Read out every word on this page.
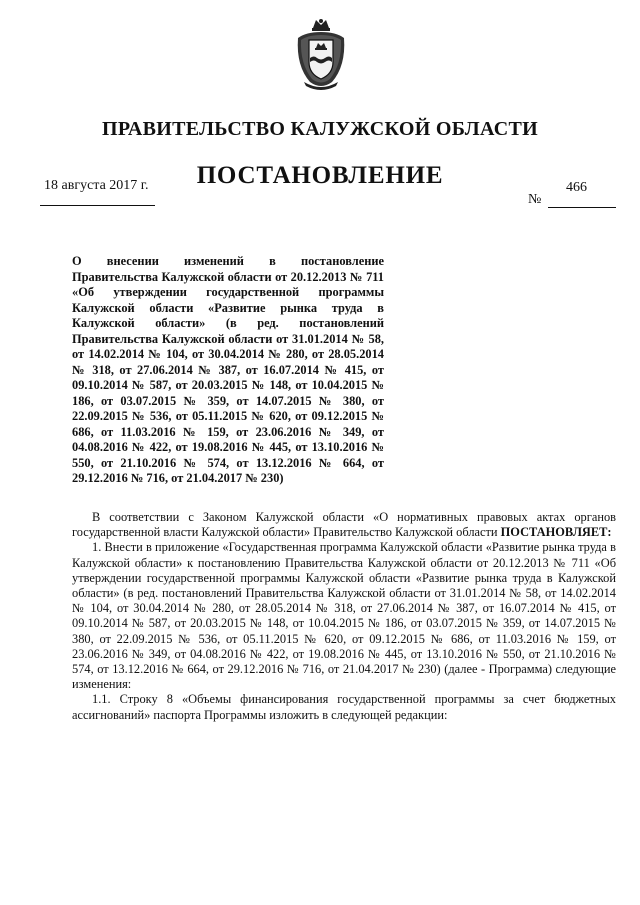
ПРАВИТЕЛЬСТВО КАЛУЖСКОЙ ОБЛАСТИ
ПОСТАНОВЛЕНИЕ
18 августа 2017 г.	466
№

О внесении изменений в постановление Правительства Калужской области от 20.12.2013 № 711 «Об утверждении государственной программы Калужской области «Развитие рынка труда в Калужской области» (в ред. постановлений Правительства Калужской области от 31.01.2014 № 58, от 14.02.2014 № 104, от 30.04.2014 № 280, от 28.05.2014 № 318, от 27.06.2014 № 387, от 16.07.2014 № 415, от 09.10.2014 № 587, от 20.03.2015 № 148, от 10.04.2015 № 186, от 03.07.2015 № 359, от 14.07.2015 № 380, от 22.09.2015 № 536, от 05.11.2015 № 620, от 09.12.2015 № 686, от 11.03.2016 № 159, от 23.06.2016 № 349, от 04.08.2016 № 422, от 19.08.2016 № 445, от 13.10.2016 № 550, от 21.10.2016 № 574, от 13.12.2016 № 664, от 29.12.2016 № 716, от 21.04.2017 № 230)

В соответствии с Законом Калужской области «О нормативных правовых актах органов государственной власти Калужской области» Правительство Калужской области ПОСТАНОВЛЯЕТ:

1. Внести в приложение «Государственная программа Калужской области «Развитие рынка труда в Калужской области» к постановлению Правительства Калужской области от 20.12.2013 № 711 «Об утверждении государственной программы Калужской области «Развитие рынка труда в Калужской области» (в ред. постановлений Правительства Калужской области от 31.01.2014 № 58, от 14.02.2014 № 104, от 30.04.2014 № 280, от 28.05.2014 № 318, от 27.06.2014 № 387, от 16.07.2014 № 415, от 09.10.2014 № 587, от 20.03.2015 № 148, от 10.04.2015 № 186, от 03.07.2015 № 359, от 14.07.2015 № 380, от 22.09.2015 № 536, от 05.11.2015 № 620, от 09.12.2015 № 686, от 11.03.2016 № 159, от 23.06.2016 № 349, от 04.08.2016 № 422, от 19.08.2016 № 445, от 13.10.2016 № 550, от 21.10.2016 № 574, от 13.12.2016 № 664, от 29.12.2016 № 716, от 21.04.2017 № 230) (далее - Программа) следующие изменения:

1.1. Строку 8 «Объемы финансирования государственной программы за счет бюджетных ассигнований» паспорта Программы изложить в следующей редакции:
